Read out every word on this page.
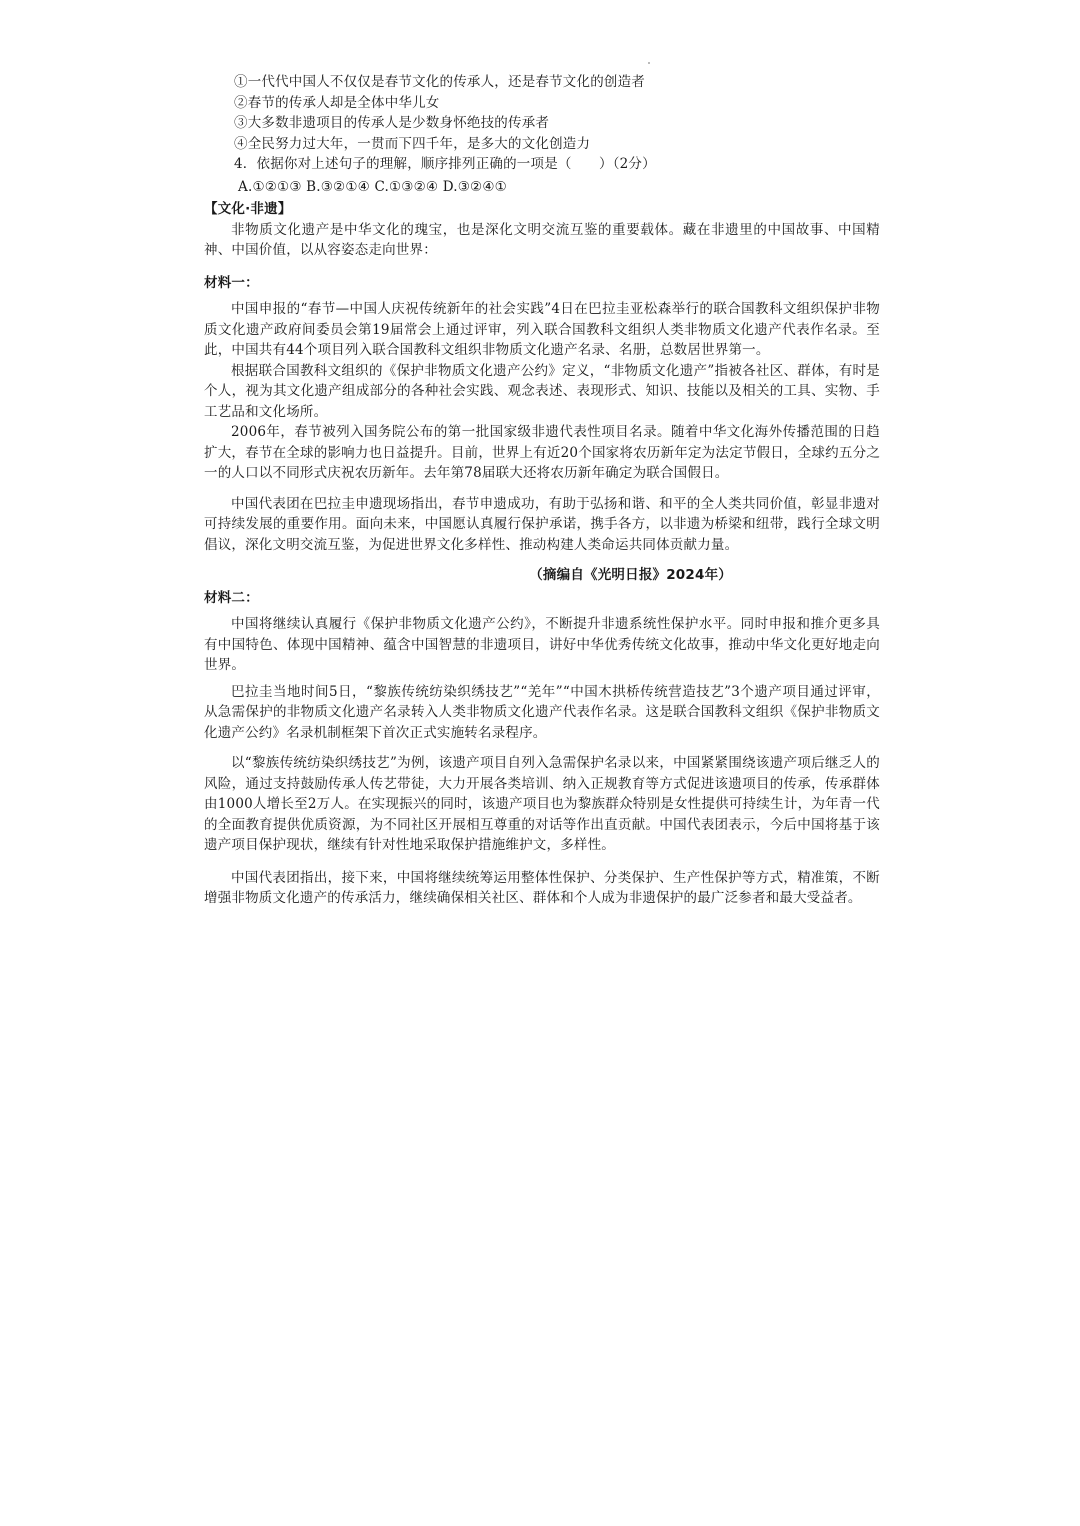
①一代代中国人不仅仅是春节文化的传承人，还是春节文化的创造者

②春节的传承人却是全体中华儿女

③大多数非遗项目的传承人是少数身怀绝技的传承者

④全民努力过大年，一贯而下四千年，是多大的文化创造力

4．依据你对上述句子的理解，顺序排列正确的一项是（　　）（2分）

A.①②①③ B.③②①④ C.①③②④ D.③②④①

【文化·非遗】

非物质文化遗产是中华文化的瑰宝，也是深化文明交流互鉴的重要载体。藏在非遗里的中国故事、中国精神、中国价值，以从容姿态走向世界：

材料一：

中国申报的“春节—中国人庆祝传统新年的社会实践”4日在巴拉圭亚松森举行的联合国教科文组织保护非物质文化遗产政府间委员会第19届常会上通过评审，列入联合国教科文组织人类非物质文化遗产代表作名录。至此，中国共有44个项目列入联合国教科文组织非物质文化遗产名录、名册，总数居世界第一。

根据联合国教科文组织的《保护非物质文化遗产公约》定义，“非物质文化遗产”指被各社区、群体，有时是个人，视为其文化遗产组成部分的各种社会实践、观念表述、表现形式、知识、技能以及相关的工具、实物、手工艺品和文化场所。

2006年，春节被列入国务院公布的第一批国家级非遗代表性项目名录。随着中华文化海外传播范围的日趋扩大，春节在全球的影响力也日益提升。目前，世界上有近20个国家将农历新年定为法定节假日，全球约五分之一的人口以不同形式庆祝农历新年。去年第78届联大还将农历新年确定为联合国假日。

中国代表团在巴拉圭申遗现场指出，春节申遗成功，有助于弘扬和谐、和平的全人类共同价值，彰显非遗对可持续发展的重要作用。面向未来，中国愿认真履行保护承诺，携手各方，以非遗为桥梁和纽带，践行全球文明倡议，深化文明交流互鉴，为促进世界文化多样性、推动构建人类命运共同体贡献力量。

（摘编自《光明日报》2024年）

材料二：

中国将继续认真履行《保护非物质文化遗产公约》，不断提升非遗系统性保护水平。同时申报和推介更多具有中国特色、体现中国精神、蕴含中国智慧的非遗项目，讲好中华优秀传统文化故事，推动中华文化更好地走向世界。

巴拉圭当地时间5日，“黎族传统纺染织绣技艺”“羌年”“中国木拱桥传统营造技艺”3个遗产项目通过评审，从急需保护的非物质文化遗产名录转入人类非物质文化遗产代表作名录。这是联合国教科文组织《保护非物质文化遗产公约》名录机制框架下首次正式实施转名录程序。

以“黎族传统纺染织绣技艺”为例，该遗产项目自列入急需保护名录以来，中国紧紧围绕该遗产项后继乏人的风险，通过支持鼓励传承人传艺带徒，大力开展各类培训、纳入正规教育等方式促进该遗项目的传承，传承群体由1000人增长至2万人。在实现振兴的同时，该遗产项目也为黎族群众特别是女性提供可持续生计，为年青一代的全面教育提供优质资源，为不同社区开展相互尊重的对话等作出直贡献。中国代表团表示，今后中国将基于该遗产项目保护现状，继续有针对性地采取保护措施维护文，多样性。

中国代表团指出，接下来，中国将继续统筹运用整体性保护、分类保护、生产性保护等方式，精准策，不断增强非物质文化遗产的传承活力，继续确保相关社区、群体和个人成为非遗保护的最广泛参者和最大受益者。
